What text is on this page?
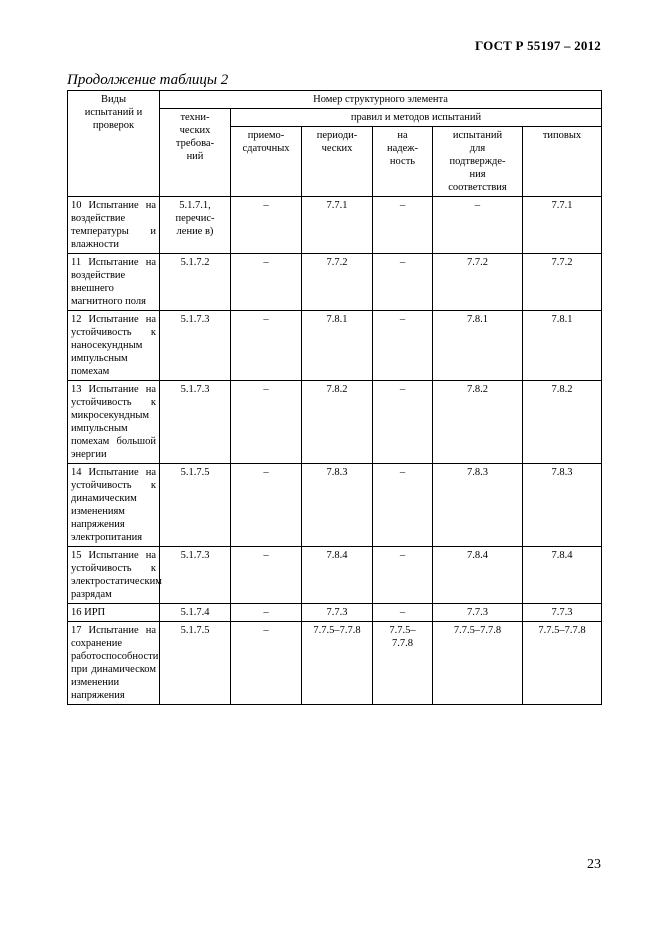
ГОСТ Р 55197 – 2012
Продолжение таблицы 2
Виды
испытаний и
проверок	Номер структурного элемента					
	техни-
ческих
требова-
ний	правил и методов испытаний				
		приемо-
сдаточных	периоди-
ческих	на
надеж-
ность	испытаний
для
подтвержде-
ния
соответствия	типовых
10 Испытание на воздействие температуры и влажности	5.1.7.1,
перечис-
ление в)	–	7.7.1	–	–	7.7.1
11 Испытание на воздействие внешнего магнитного поля	5.1.7.2	–	7.7.2	–	7.7.2	7.7.2
12 Испытание на устойчивость к наносекундным импульсным помехам	5.1.7.3	–	7.8.1	–	7.8.1	7.8.1
13 Испытание на устойчивость к микросекундным импульсным помехам большой энергии	5.1.7.3	–	7.8.2	–	7.8.2	7.8.2
14 Испытание на устойчивость к динамическим изменениям напряжения электропитания	5.1.7.5	–	7.8.3	–	7.8.3	7.8.3
15 Испытание на устойчивость к электростатическим разрядам	5.1.7.3	–	7.8.4	–	7.8.4	7.8.4
16 ИРП	5.1.7.4	–	7.7.3	–	7.7.3	7.7.3
17 Испытание на сохранение работоспособности при динамическом изменении напряжения	5.1.7.5	–	7.7.5–7.7.8	7.7.5–
7.7.8	7.7.5–7.7.8	7.7.5–7.7.8
23
